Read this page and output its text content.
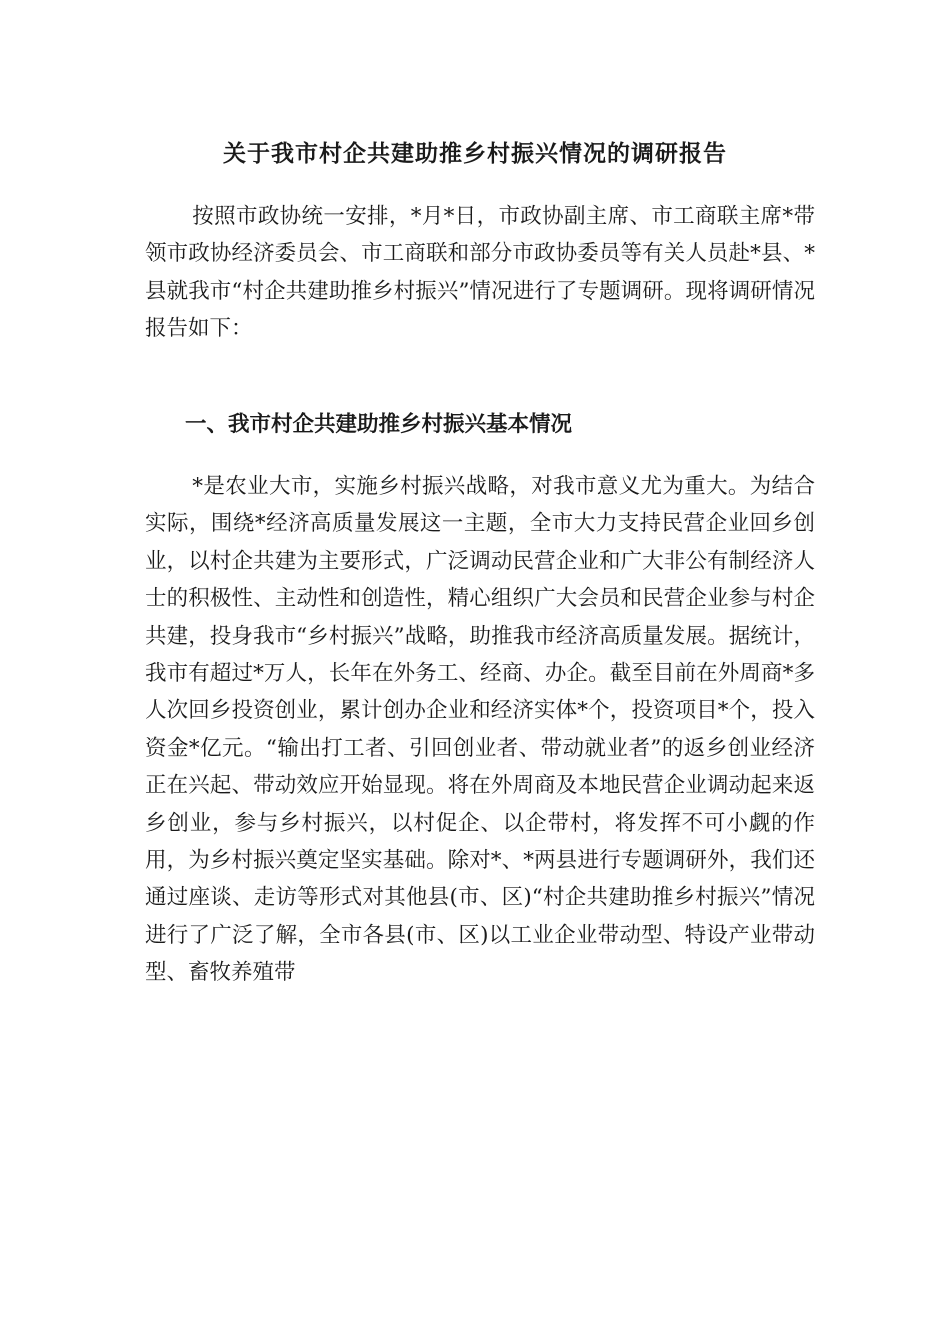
关于我市村企共建助推乡村振兴情况的调研报告

按照市政协统一安排，*月*日，市政协副主席、市工商联主席*带领市政协经济委员会、市工商联和部分市政协委员等有关人员赴*县、*县就我市“村企共建助推乡村振兴”情况进行了专题调研。现将调研情况报告如下：

一、我市村企共建助推乡村振兴基本情况

*是农业大市，实施乡村振兴战略，对我市意义尤为重大。为结合实际，围绕*经济高质量发展这一主题，全市大力支持民营企业回乡创业，以村企共建为主要形式，广泛调动民营企业和广大非公有制经济人士的积极性、主动性和创造性，精心组织广大会员和民营企业参与村企共建，投身我市“乡村振兴”战略，助推我市经济高质量发展。据统计，我市有超过*万人，长年在外务工、经商、办企。截至目前在外周商*多人次回乡投资创业，累计创办企业和经济实体*个，投资项目*个，投入资金*亿元。“输出打工者、引回创业者、带动就业者”的返乡创业经济正在兴起、带动效应开始显现。将在外周商及本地民营企业调动起来返乡创业，参与乡村振兴，以村促企、以企带村，将发挥不可小觑的作用，为乡村振兴奠定坚实基础。除对*、*两县进行专题调研外，我们还通过座谈、走访等形式对其他县(市、区)“村企共建助推乡村振兴”情况进行了广泛了解，全市各县(市、区)以工业企业带动型、特设产业带动型、畜牧养殖带
